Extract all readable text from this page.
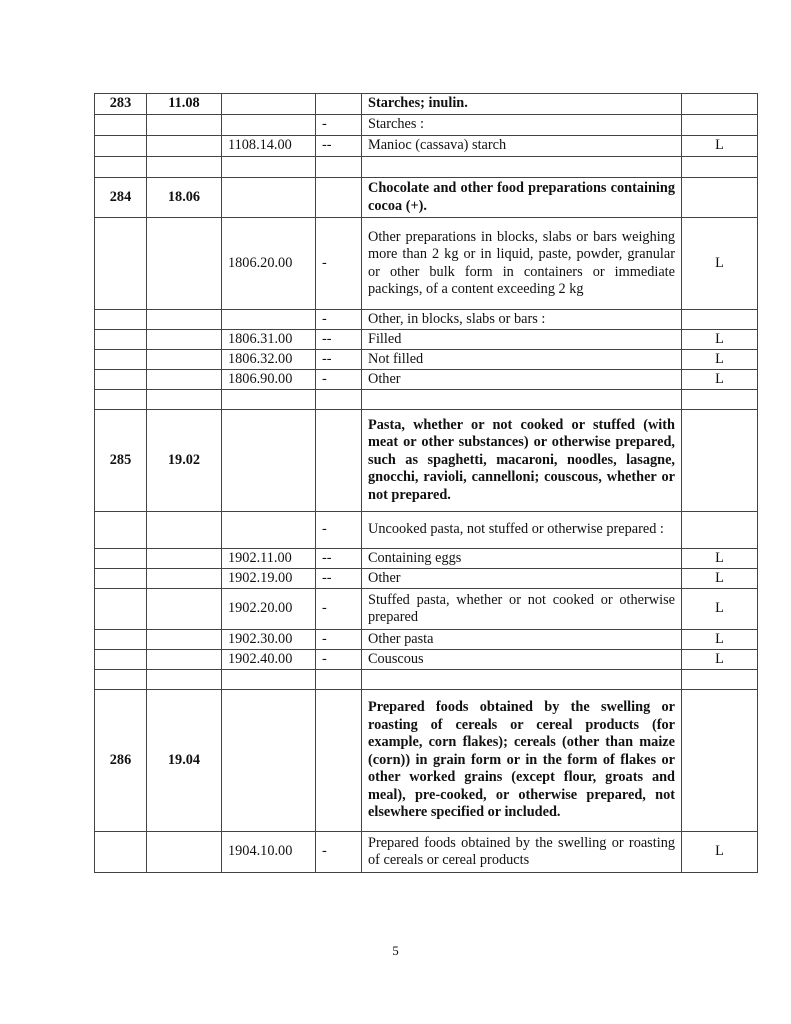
283	11.08			Starches; inulin.	
			-	Starches :	
		1108.14.00	--	Manioc (cassava) starch	L

284	18.06			Chocolate and other food preparations containing cocoa (+).	
		1806.20.00	-	Other preparations in blocks, slabs or bars weighing more than 2 kg or in liquid, paste, powder, granular or other bulk form in containers or immediate packings, of a content exceeding 2 kg	L
			-	Other, in blocks, slabs or bars :	
		1806.31.00	--	Filled	L
		1806.32.00	--	Not filled	L
		1806.90.00	-	Other	L

285	19.02			Pasta, whether or not cooked or stuffed (with meat or other substances) or otherwise prepared, such as spaghetti, macaroni, noodles, lasagne, gnocchi, ravioli, cannelloni; couscous, whether or not prepared.	
			-	Uncooked pasta, not stuffed or otherwise prepared :	
		1902.11.00	--	Containing eggs	L
		1902.19.00	--	Other	L
		1902.20.00	-	Stuffed pasta, whether or not cooked or otherwise prepared	L
		1902.30.00	-	Other pasta	L
		1902.40.00	-	Couscous	L

286	19.04			Prepared foods obtained by the swelling or roasting of cereals or cereal products (for example, corn flakes); cereals (other than maize (corn)) in grain form or in the form of flakes or other worked grains (except flour, groats and meal), pre-cooked, or otherwise prepared, not elsewhere specified or included.	
		1904.10.00	-	Prepared foods obtained by the swelling or roasting of cereals or cereal products	L
5
